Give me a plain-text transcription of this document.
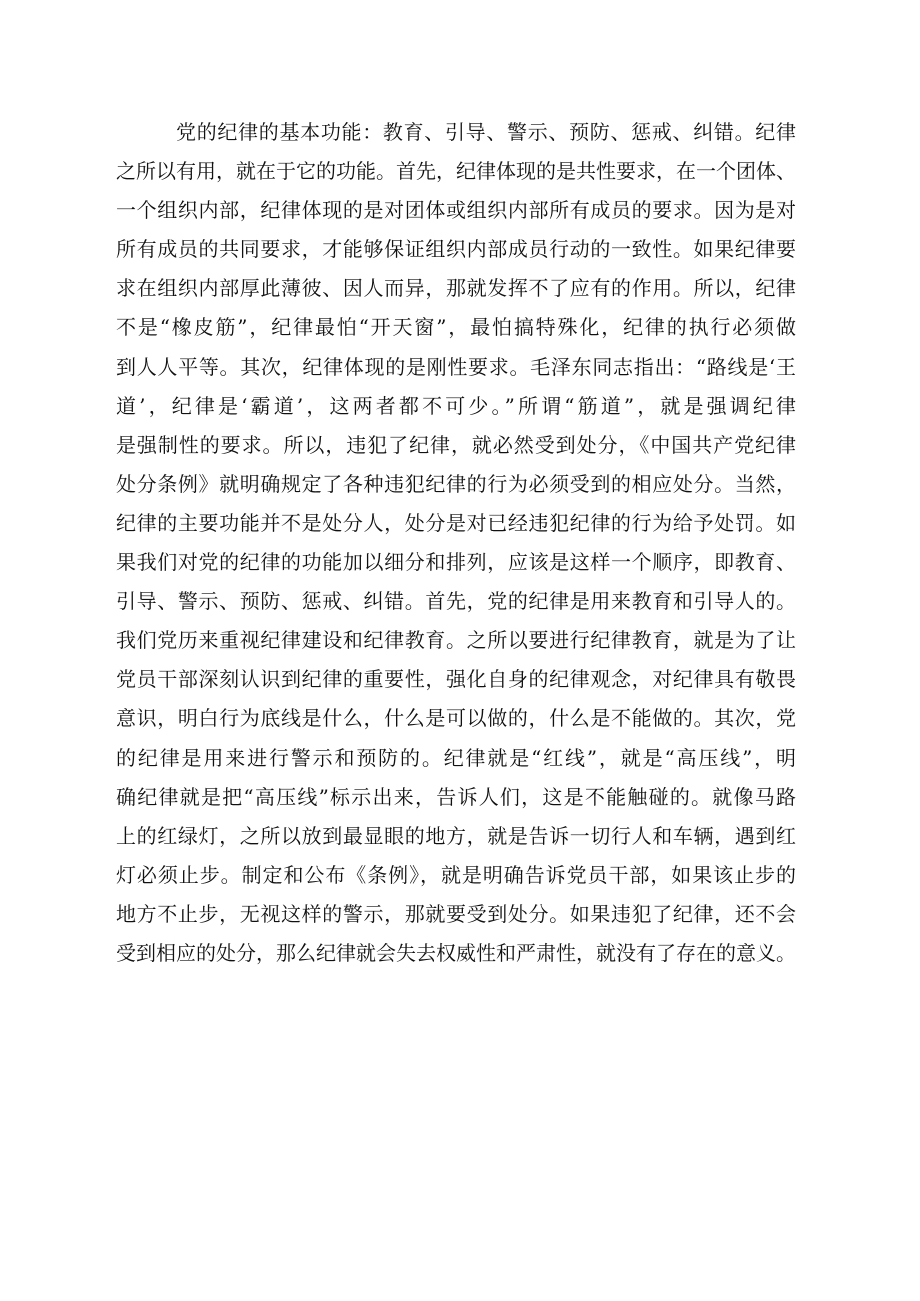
党的纪律的基本功能：教育、引导、警示、预防、惩戒、纠错。纪律
之所以有用，就在于它的功能。首先，纪律体现的是共性要求，在一个团体、
一个组织内部，纪律体现的是对团体或组织内部所有成员的要求。因为是对
所有成员的共同要求，才能够保证组织内部成员行动的一致性。如果纪律要
求在组织内部厚此薄彼、因人而异，那就发挥不了应有的作用。所以，纪律
不是“橡皮筋”，纪律最怕“开天窗”，最怕搞特殊化，纪律的执行必须做
到人人平等。其次，纪律体现的是刚性要求。毛泽东同志指出：“路线是‘王
道’，纪律是‘霸道’，这两者都不可少。”所谓“筋道”，就是强调纪律
是强制性的要求。所以，违犯了纪律，就必然受到处分，《中国共产党纪律
处分条例》就明确规定了各种违犯纪律的行为必须受到的相应处分。当然，
纪律的主要功能并不是处分人，处分是对已经违犯纪律的行为给予处罚。如
果我们对党的纪律的功能加以细分和排列，应该是这样一个顺序，即教育、
引导、警示、预防、惩戒、纠错。首先，党的纪律是用来教育和引导人的。
我们党历来重视纪律建设和纪律教育。之所以要进行纪律教育，就是为了让
党员干部深刻认识到纪律的重要性，强化自身的纪律观念，对纪律具有敬畏
意识，明白行为底线是什么，什么是可以做的，什么是不能做的。其次，党
的纪律是用来进行警示和预防的。纪律就是“红线”，就是“高压线”，明
确纪律就是把“高压线”标示出来，告诉人们，这是不能触碰的。就像马路
上的红绿灯，之所以放到最显眼的地方，就是告诉一切行人和车辆，遇到红
灯必须止步。制定和公布《条例》，就是明确告诉党员干部，如果该止步的
地方不止步，无视这样的警示，那就要受到处分。如果违犯了纪律，还不会
受到相应的处分，那么纪律就会失去权威性和严肃性，就没有了存在的意义。
